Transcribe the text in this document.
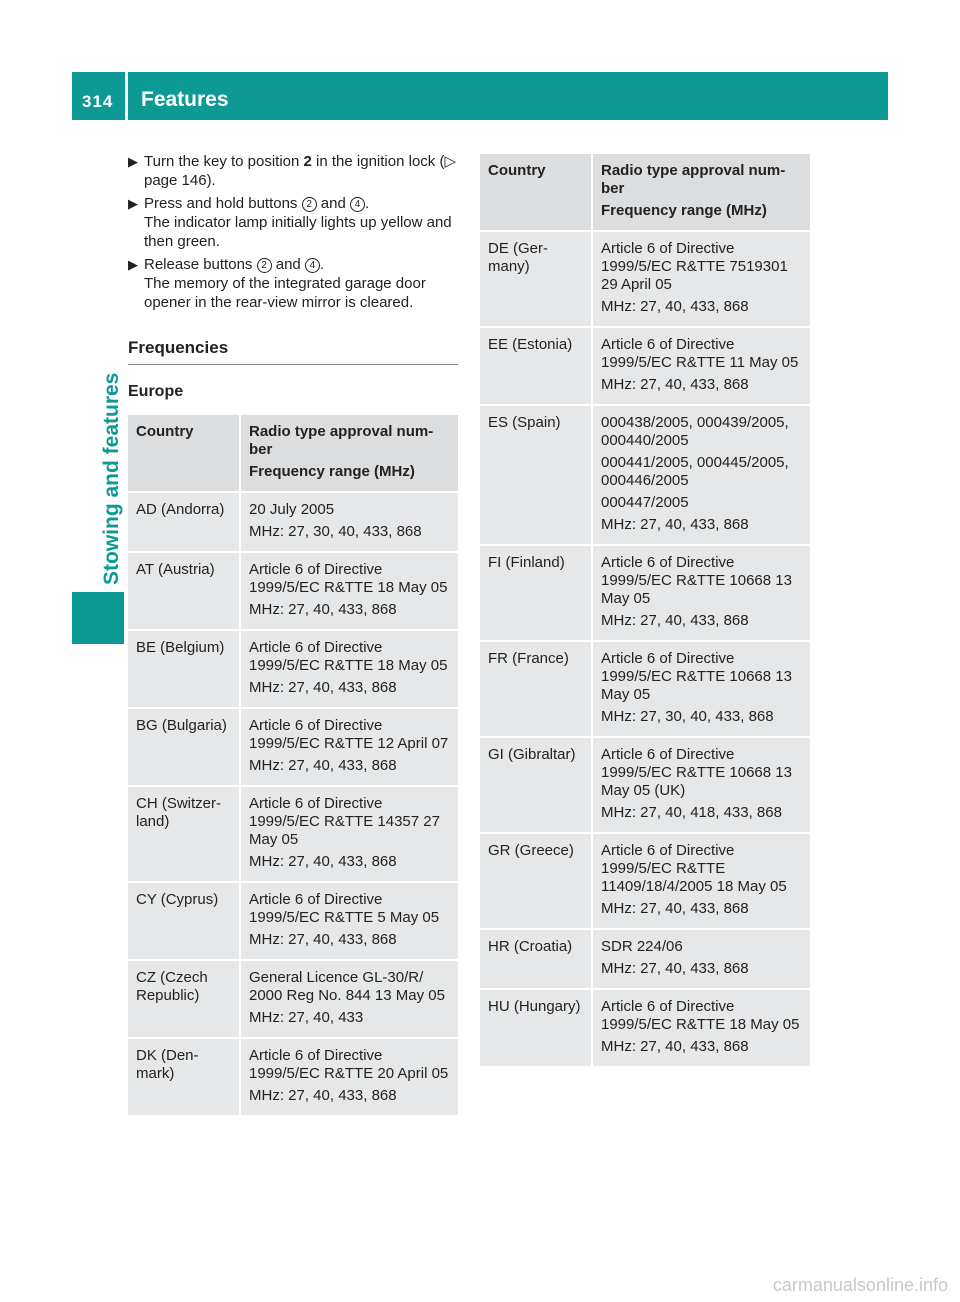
314 Features
Stowing and features
▶ Turn the key to position 2 in the ignition lock (▷ page 146).
▶ Press and hold buttons 2 and 4 .
The indicator lamp initially lights up yellow and then green.
▶ Release buttons 2 and 4 .
The memory of the integrated garage door opener in the rear-view mirror is cleared.
Frequencies
Europe
Country	Radio type approval num-ber
Frequency range (MHz)

AD (Andorra)	20 July 2005
MHz: 27, 30, 40, 433, 868

AT (Austria)	Article 6 of Directive 1999/5/EC R&TTE 18 May 05
MHz: 27, 40, 433, 868

BE (Belgium)	Article 6 of Directive 1999/5/EC R&TTE 18 May 05
MHz: 27, 40, 433, 868

BG (Bulgaria)	Article 6 of Directive 1999/5/EC R&TTE 12 April 07
MHz: 27, 40, 433, 868

CH (Switzer-land)	Article 6 of Directive 1999/5/EC R&TTE 14357 27 May 05
MHz: 27, 40, 433, 868

CY (Cyprus)	Article 6 of Directive 1999/5/EC R&TTE 5 May 05
MHz: 27, 40, 433, 868

CZ (Czech Republic)	General Licence GL-30/R/ 2000 Reg No. 844 13 May 05
MHz: 27, 40, 433

DK (Den-mark)	Article 6 of Directive 1999/5/EC R&TTE 20 April 05
MHz: 27, 40, 433, 868
Country	Radio type approval num-ber
Frequency range (MHz)

DE (Ger-many)	Article 6 of Directive 1999/5/EC R&TTE 7519301 29 April 05
MHz: 27, 40, 433, 868

EE (Estonia)	Article 6 of Directive 1999/5/EC R&TTE 11 May 05
MHz: 27, 40, 433, 868

ES (Spain)	000438/2005, 000439/2005, 000440/2005
000441/2005, 000445/2005, 000446/2005
000447/2005
MHz: 27, 40, 433, 868

FI (Finland)	Article 6 of Directive 1999/5/EC R&TTE 10668 13 May 05
MHz: 27, 40, 433, 868

FR (France)	Article 6 of Directive 1999/5/EC R&TTE 10668 13 May 05
MHz: 27, 30, 40, 433, 868

GI (Gibraltar)	Article 6 of Directive 1999/5/EC R&TTE 10668 13 May 05 (UK)
MHz: 27, 40, 418, 433, 868

GR (Greece)	Article 6 of Directive 1999/5/EC R&TTE 11409/18/4/2005 18 May 05
MHz: 27, 40, 433, 868

HR (Croatia)	SDR 224/06
MHz: 27, 40, 433, 868

HU (Hungary)	Article 6 of Directive 1999/5/EC R&TTE 18 May 05
MHz: 27, 40, 433, 868
carmanualsonline.info
